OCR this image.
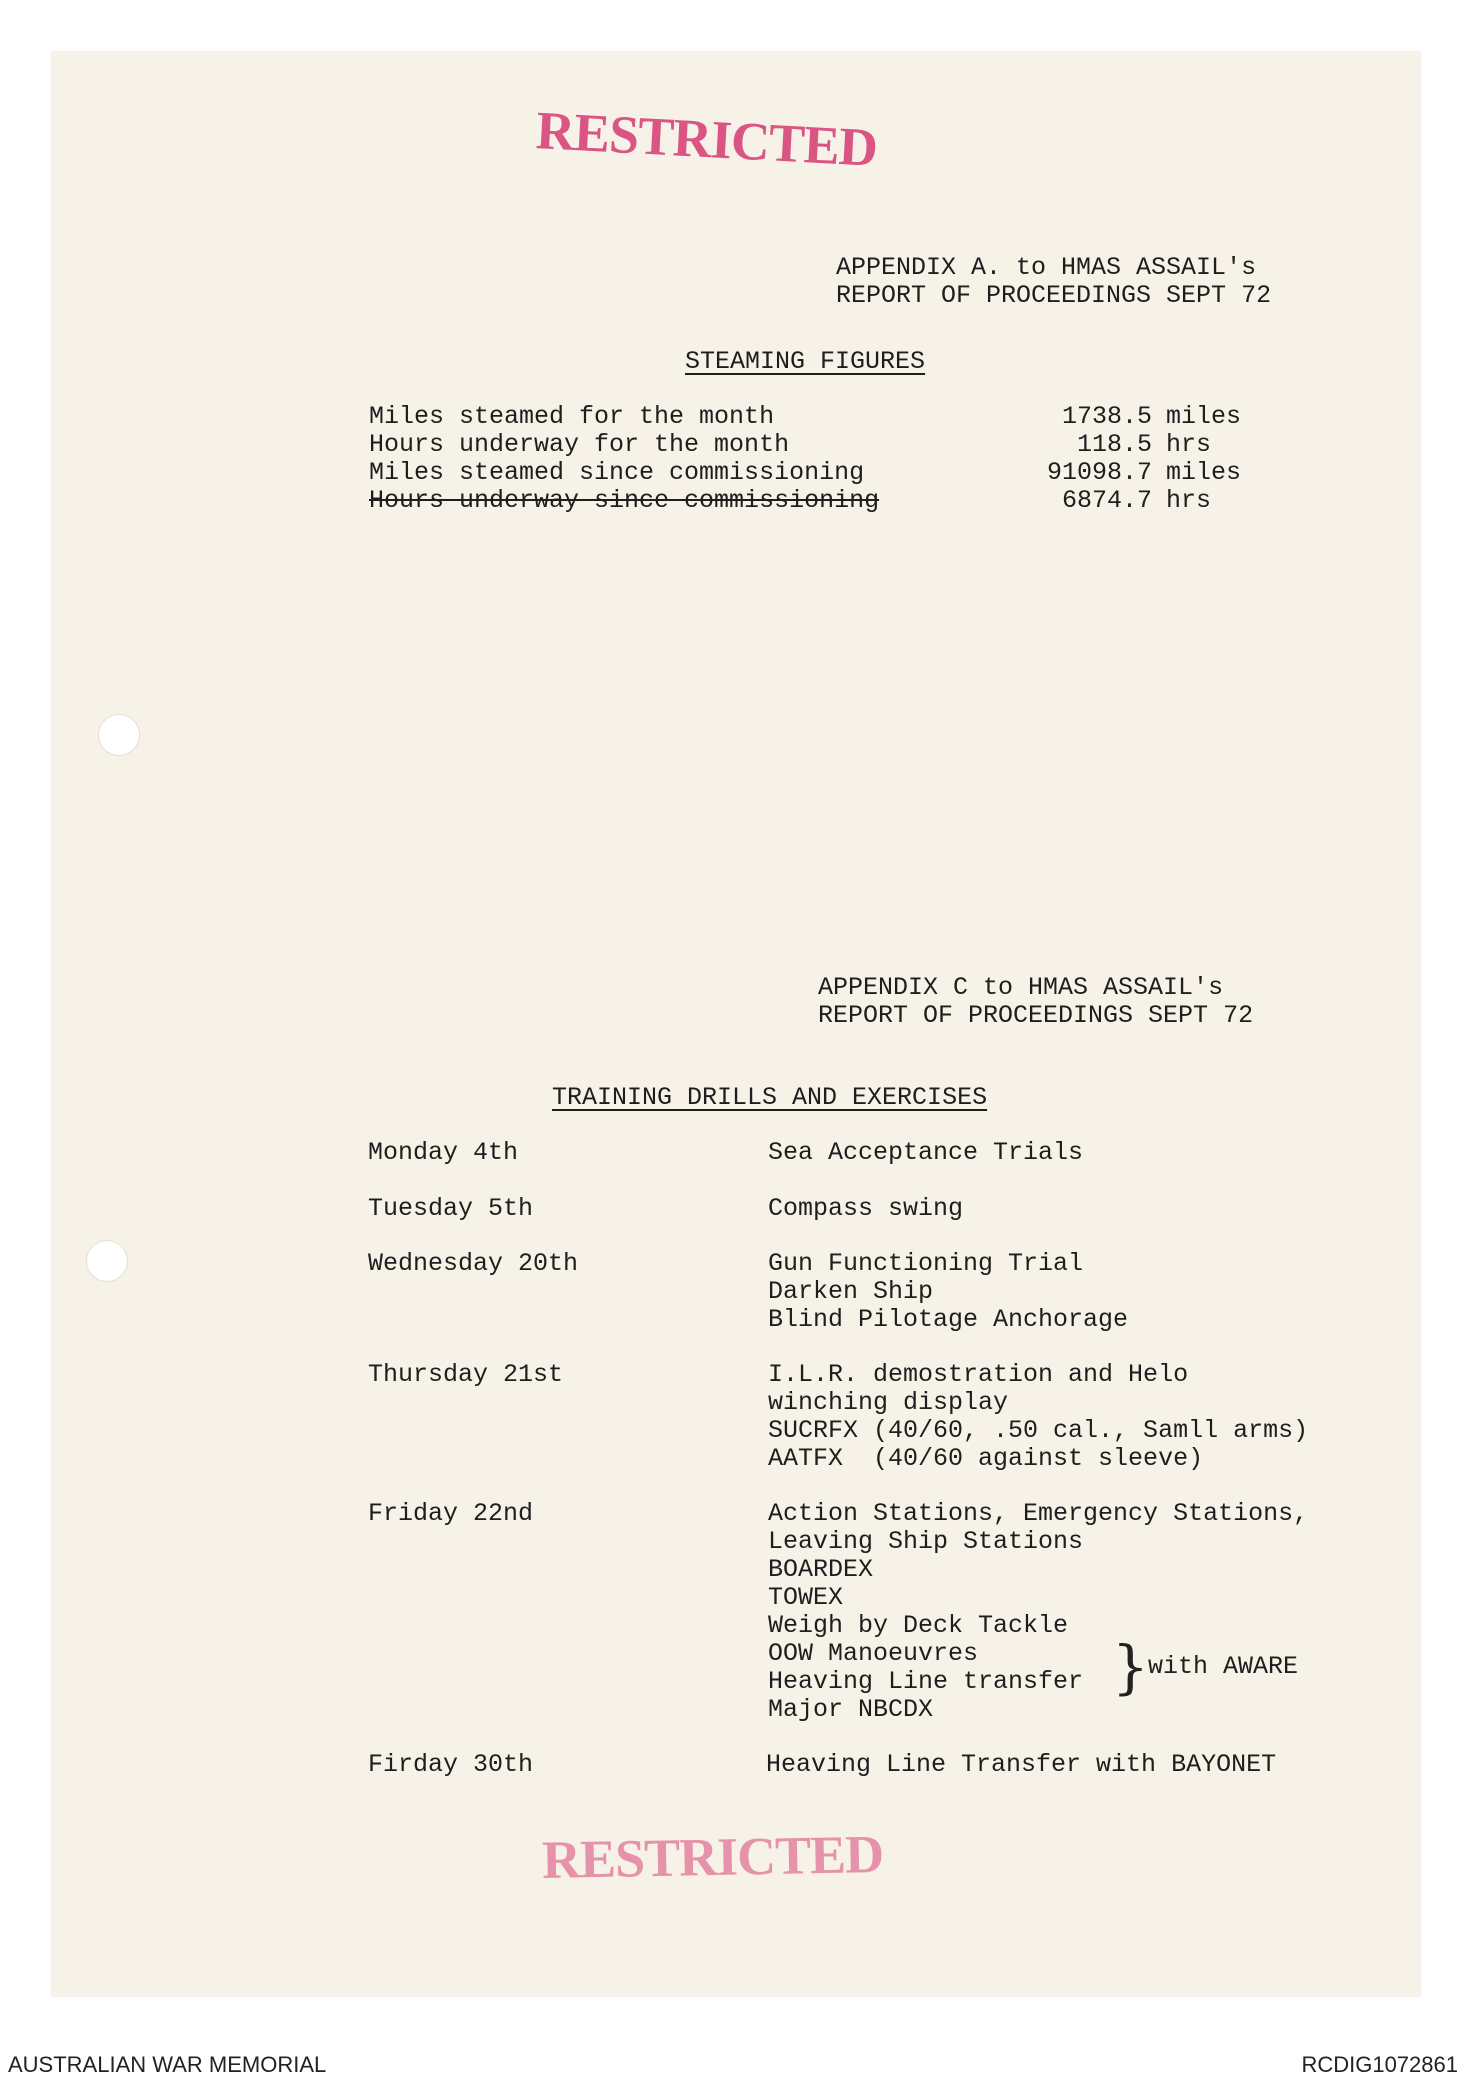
RESTRICTED
APPENDIX A. to HMAS ASSAIL's
REPORT OF PROCEEDINGS SEPT 72
STEAMING FIGURES
Miles steamed for the month	1738.5 miles
Hours underway for the month	118.5 hrs
Miles steamed since commissioning	91098.7 miles
Hours underway since commissioning	6874.7 hrs
APPENDIX C to HMAS ASSAIL's
REPORT OF PROCEEDINGS SEPT 72
TRAINING DRILLS AND EXERCISES
Monday 4th	Sea Acceptance Trials
Tuesday 5th	Compass swing
Wednesday 20th	Gun Functioning Trial
Darken Ship
Blind Pilotage Anchorage
Thursday 21st	I.L.R. demostration and Helo
winching display
SUCRFX (40/60, .50 cal., Samll arms)
AATFX  (40/60 against sleeve)
Friday 22nd	Action Stations, Emergency Stations,
Leaving Ship Stations
BOARDEX
TOWEX
Weigh by Deck Tackle
OOW Manoeuvres
Heaving Line transfer
Major NBCDX
} with AWARE
Firday 30th	Heaving Line Transfer with BAYONET
RESTRICTED
AUSTRALIAN WAR MEMORIAL	RCDIG1072861
